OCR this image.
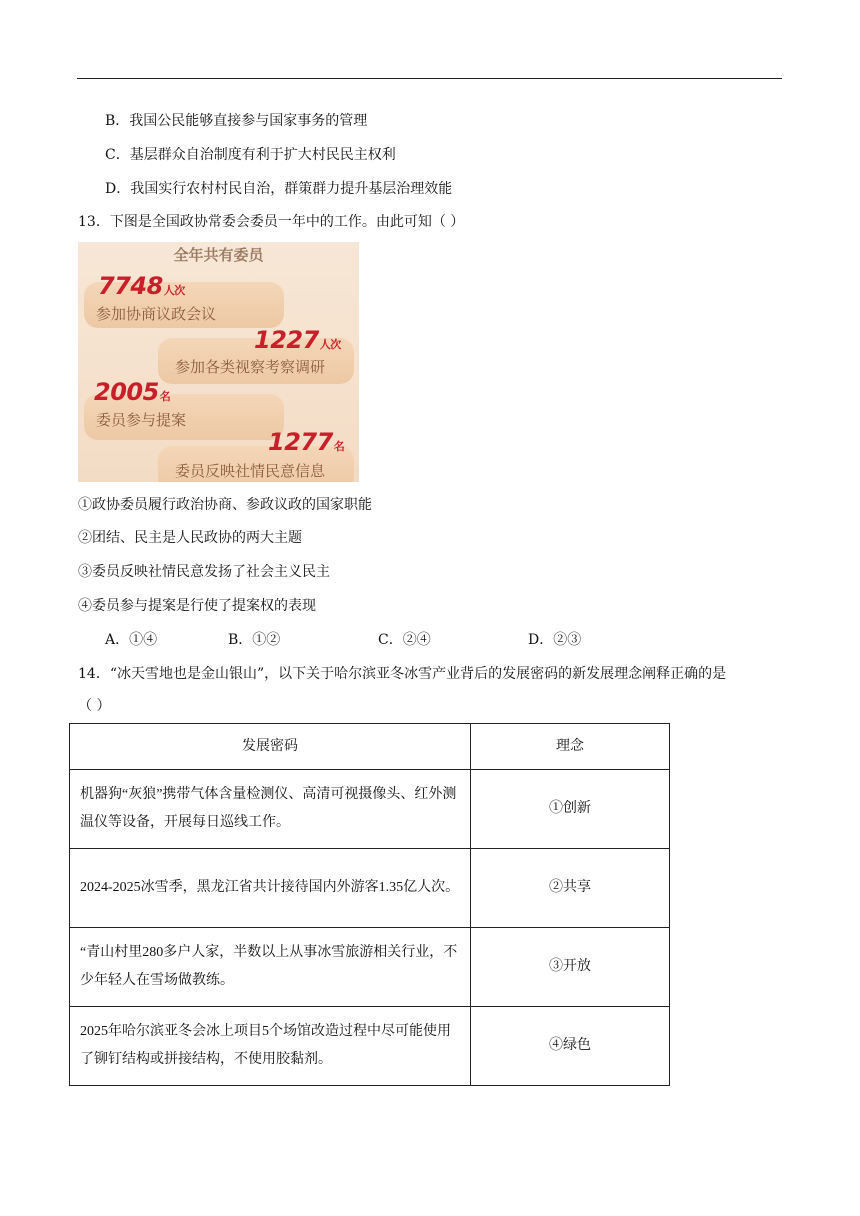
B．我国公民能够直接参与国家事务的管理
C．基层群众自治制度有利于扩大村民民主权利
D．我国实行农村村民自治，群策群力提升基层治理效能
13．下图是全国政协常委会委员一年中的工作。由此可知（ ）
全年共有委员
7748人次
参加协商议政会议
1227人次
参加各类视察考察调研
2005名
委员参与提案
1277名
委员反映社情民意信息
①政协委员履行政治协商、参政议政的国家职能
②团结、民主是人民政协的两大主题
③委员反映社情民意发扬了社会主义民主
④委员参与提案是行使了提案权的表现
A．①④	B．①②	C．②④	D．②③
14．“冰天雪地也是金山银山”，以下关于哈尔滨亚冬冰雪产业背后的发展密码的新发展理念阐释正确的是
（ ）
发展密码	理念
机器狗“灰狼”携带气体含量检测仪、高清可视摄像头、红外测温仪等设备，开展每日巡线工作。	①创新
2024-2025冰雪季，黑龙江省共计接待国内外游客1.35亿人次。	②共享
“青山村里280多户人家，半数以上从事冰雪旅游相关行业，不少年轻人在雪场做教练。	③开放
2025年哈尔滨亚冬会冰上项目5个场馆改造过程中尽可能使用了铆钉结构或拼接结构，不使用胶黏剂。	④绿色
